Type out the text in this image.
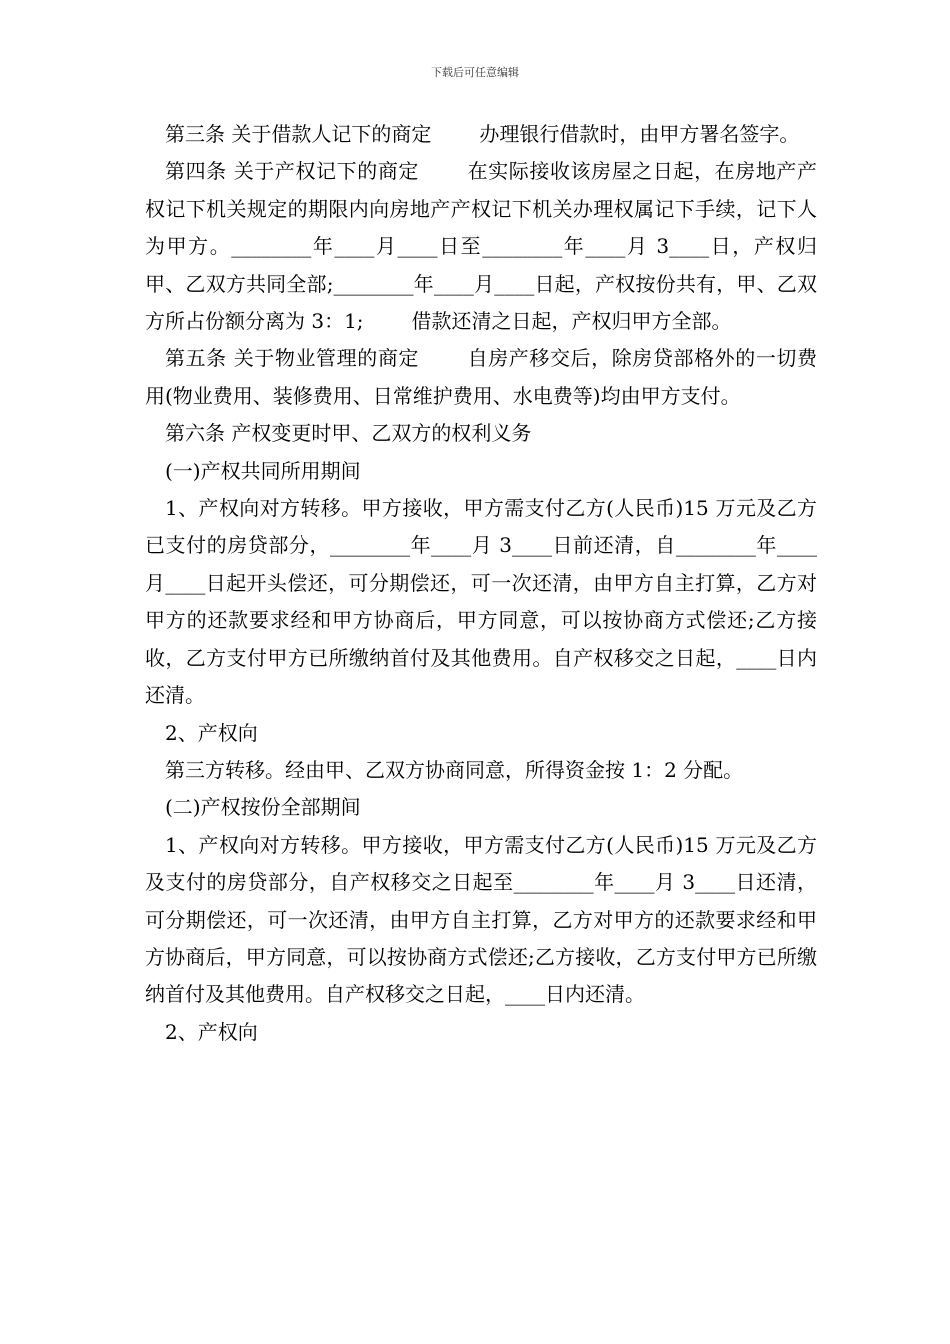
下载后可任意编辑

第三条 关于借款人记下的商定 办理银行借款时，由甲方署名签字。

第四条 关于产权记下的商定 在实际接收该房屋之日起，在房地产产权记下机关规定的期限内向房地产产权记下机关办理权属记下手续，记下人为甲方。________年____月____日至________年____月 3____日，产权归甲、乙双方共同全部;________年____月____日起，产权按份共有，甲、乙双方所占份额分离为 3：1; 借款还清之日起，产权归甲方全部。

第五条 关于物业管理的商定 自房产移交后，除房贷部格外的一切费用(物业费用、装修费用、日常维护费用、水电费等)均由甲方支付。

第六条 产权变更时甲、乙双方的权利义务

(一)产权共同所用期间

1、产权向对方转移。甲方接收，甲方需支付乙方(人民币)15 万元及乙方已支付的房贷部分，________年____月 3____日前还清，自________年____月____日起开头偿还，可分期偿还，可一次还清，由甲方自主打算，乙方对甲方的还款要求经和甲方协商后，甲方同意，可以按协商方式偿还;乙方接收，乙方支付甲方已所缴纳首付及其他费用。自产权移交之日起，____日内还清。

2、产权向

第三方转移。经由甲、乙双方协商同意，所得资金按 1：2 分配。

(二)产权按份全部期间

1、产权向对方转移。甲方接收，甲方需支付乙方(人民币)15 万元及乙方及支付的房贷部分，自产权移交之日起至________年____月 3____日还清，可分期偿还，可一次还清，由甲方自主打算，乙方对甲方的还款要求经和甲方协商后，甲方同意，可以按协商方式偿还;乙方接收，乙方支付甲方已所缴纳首付及其他费用。自产权移交之日起，____日内还清。

2、产权向
